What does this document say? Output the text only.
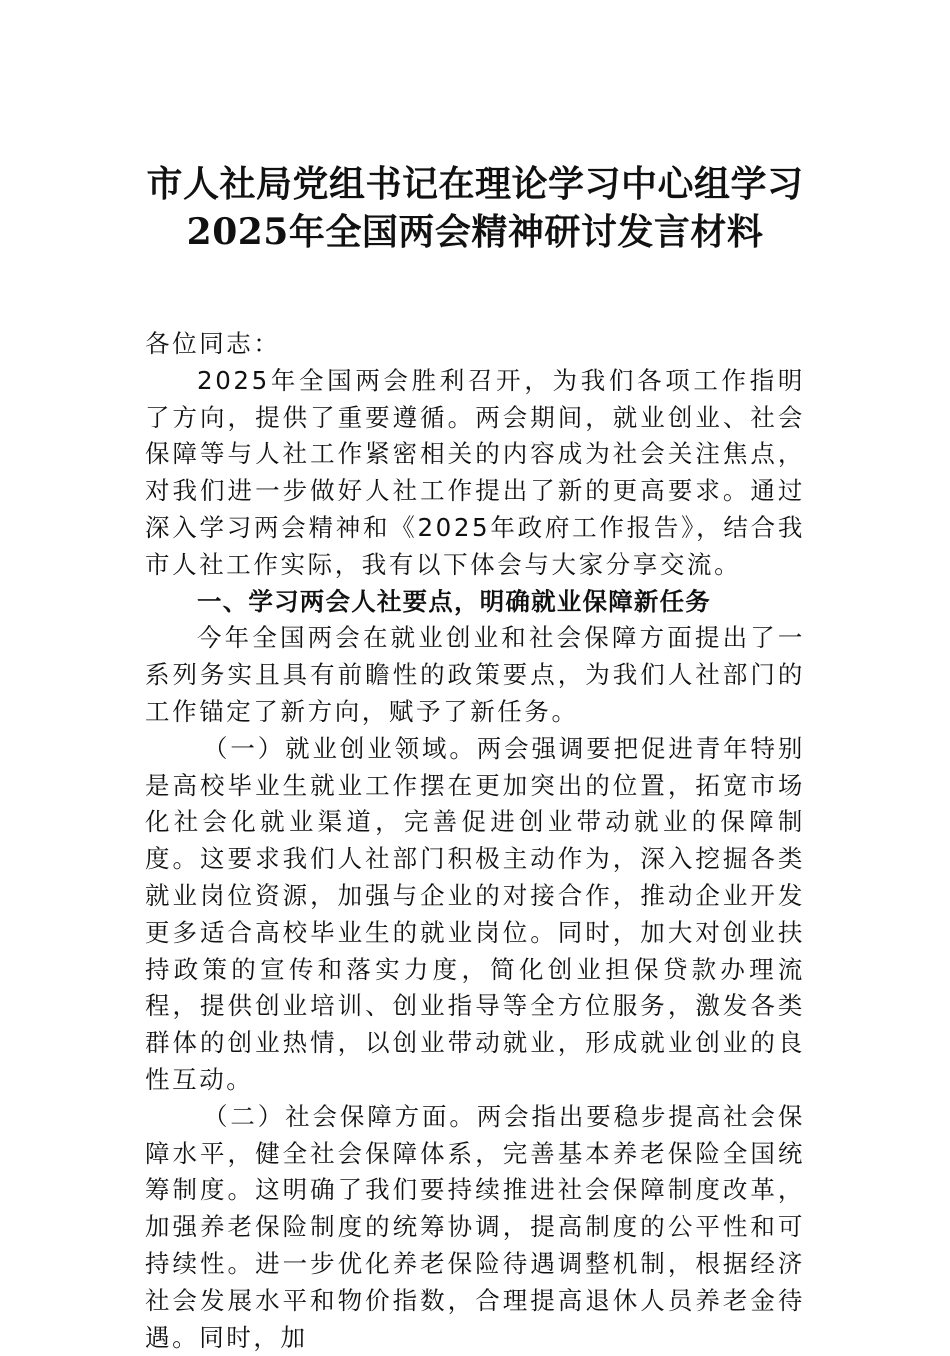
市人社局党组书记在理论学习中心组学习
2025年全国两会精神研讨发言材料

各位同志：

2025年全国两会胜利召开，为我们各项工作指明了方向，提供了重要遵循。两会期间，就业创业、社会保障等与人社工作紧密相关的内容成为社会关注焦点，对我们进一步做好人社工作提出了新的更高要求。通过深入学习两会精神和《2025年政府工作报告》，结合我市人社工作实际，我有以下体会与大家分享交流。

一、学习两会人社要点，明确就业保障新任务

今年全国两会在就业创业和社会保障方面提出了一系列务实且具有前瞻性的政策要点，为我们人社部门的工作锚定了新方向，赋予了新任务。

（一）就业创业领域。两会强调要把促进青年特别是高校毕业生就业工作摆在更加突出的位置，拓宽市场化社会化就业渠道，完善促进创业带动就业的保障制度。这要求我们人社部门积极主动作为，深入挖掘各类就业岗位资源，加强与企业的对接合作，推动企业开发更多适合高校毕业生的就业岗位。同时，加大对创业扶持政策的宣传和落实力度，简化创业担保贷款办理流程，提供创业培训、创业指导等全方位服务，激发各类群体的创业热情，以创业带动就业，形成就业创业的良性互动。

（二）社会保障方面。两会指出要稳步提高社会保障水平，健全社会保障体系，完善基本养老保险全国统筹制度。这明确了我们要持续推进社会保障制度改革，加强养老保险制度的统筹协调，提高制度的公平性和可持续性。进一步优化养老保险待遇调整机制，根据经济社会发展水平和物价指数，合理提高退休人员养老金待遇。同时，加
